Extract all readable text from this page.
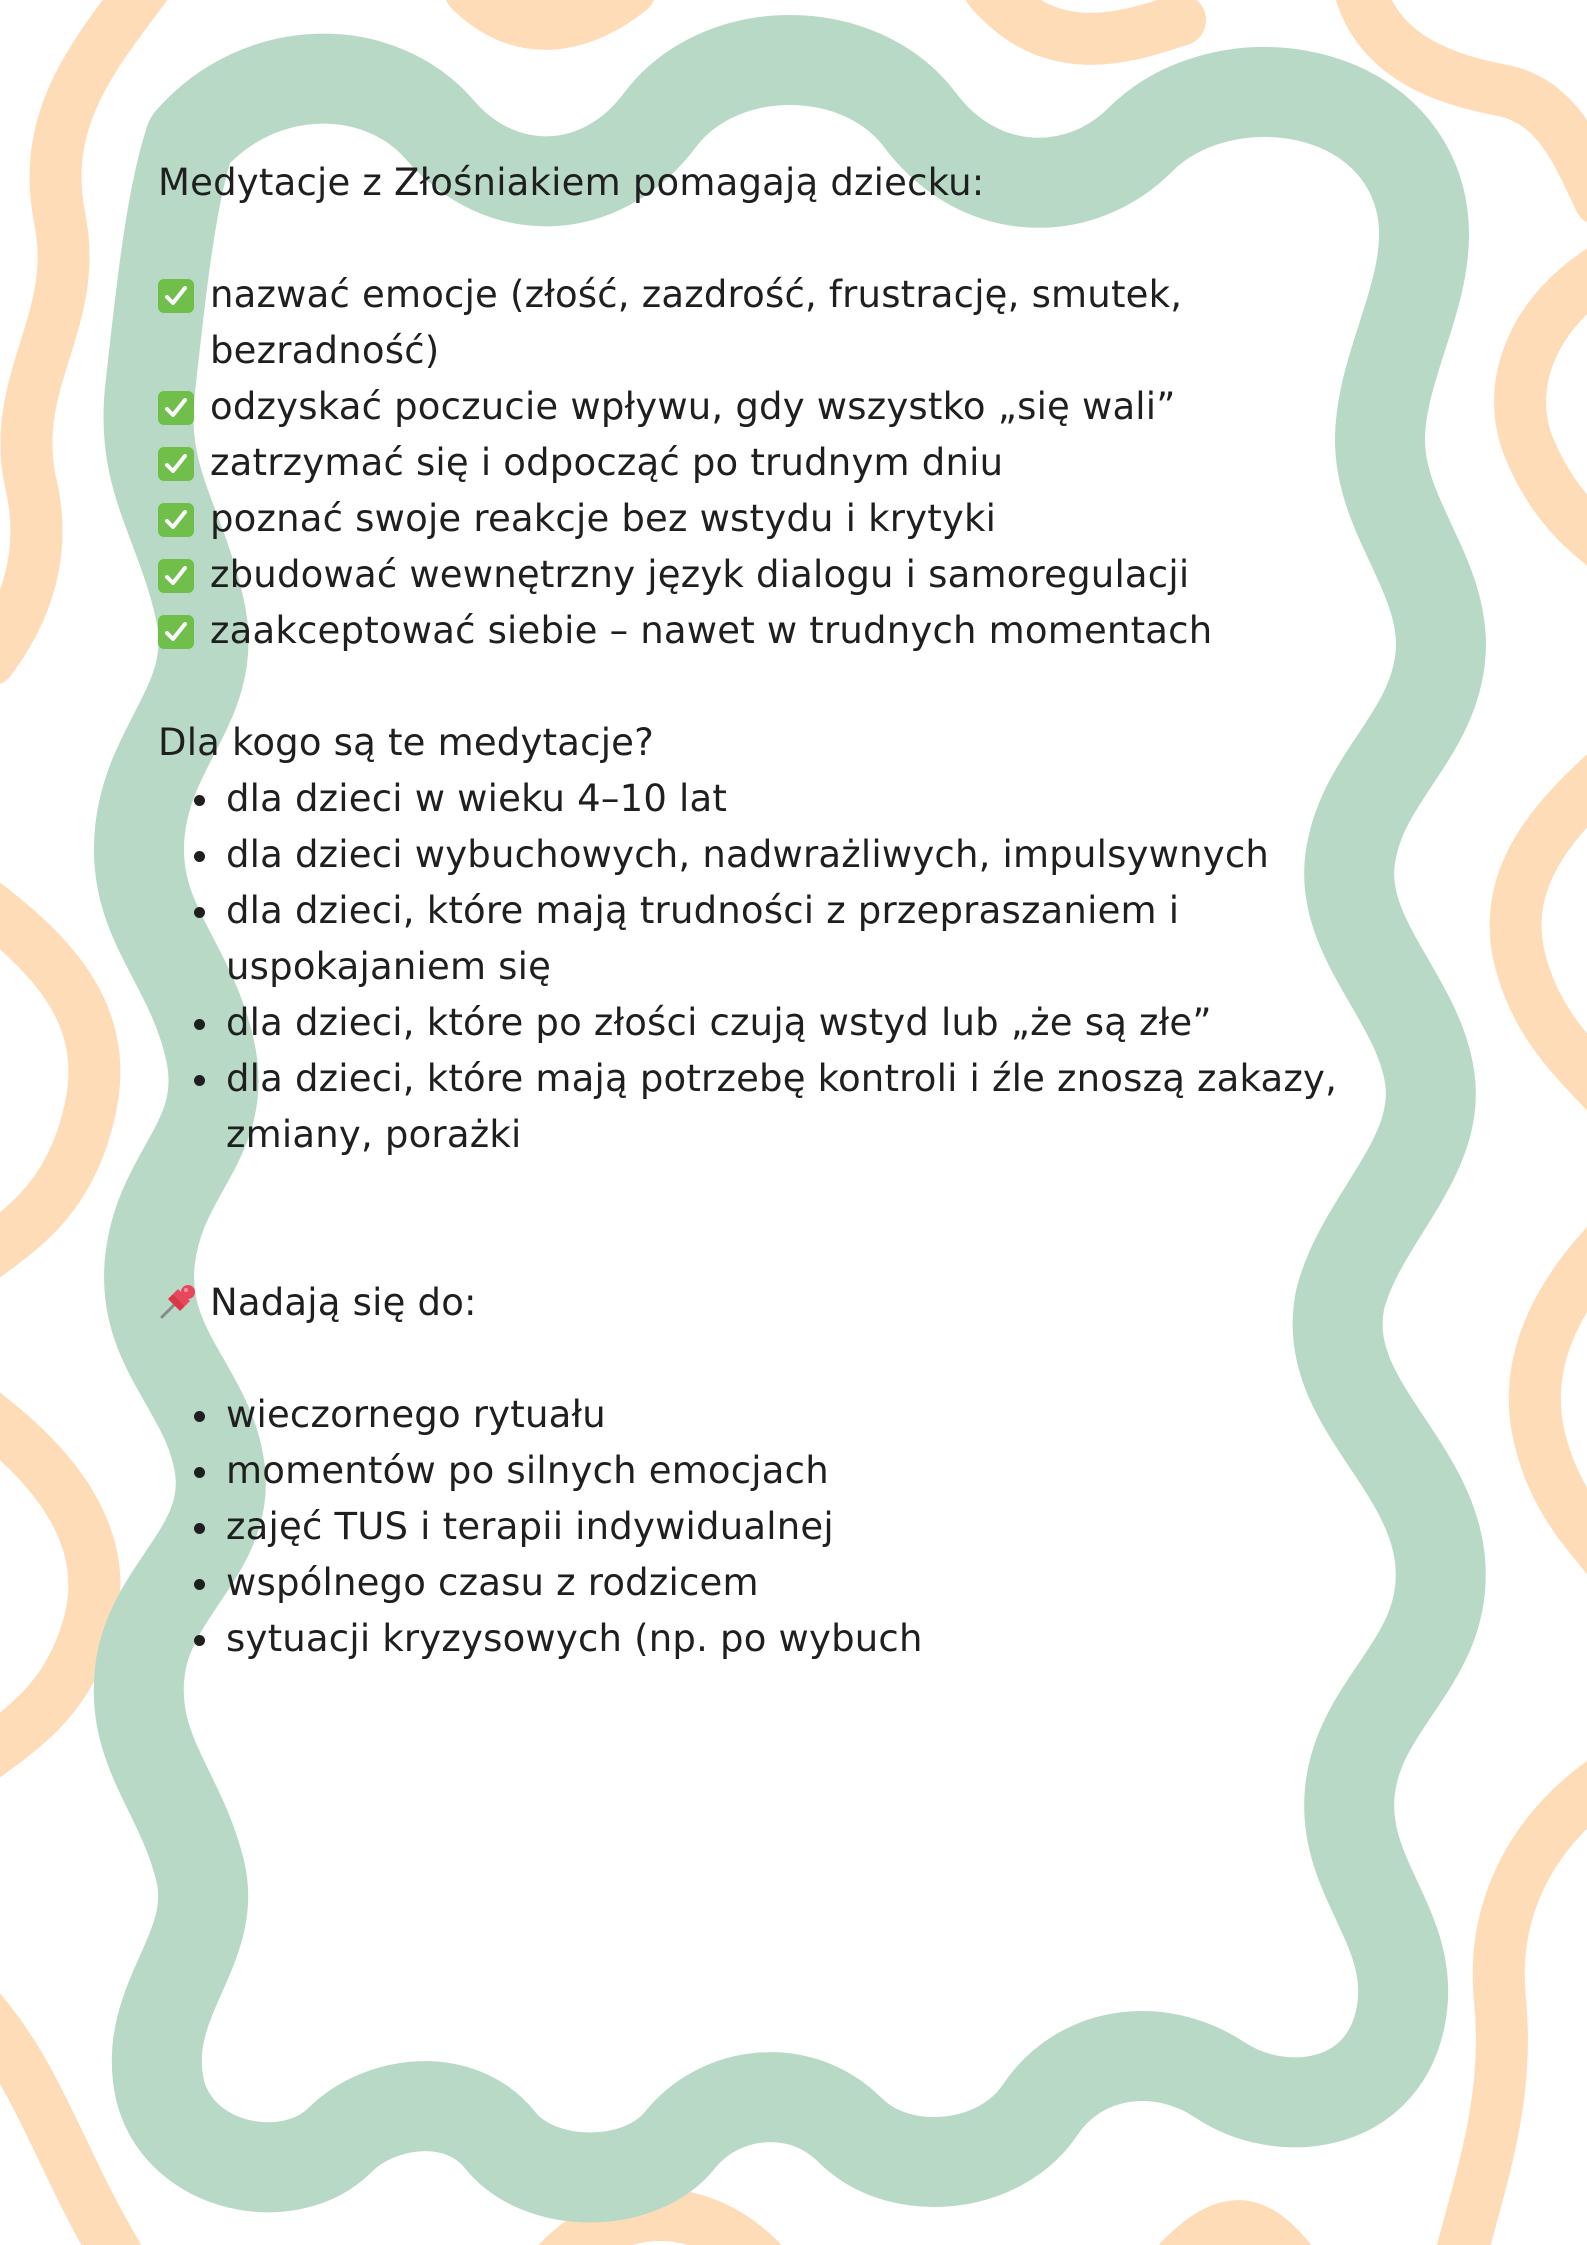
Medytacje z Złośniakiem pomagają dziecku:

nazwać emocje (złość, zazdrość, frustrację, smutek, bezradność)
odzyskać poczucie wpływu, gdy wszystko „się wali”
zatrzymać się i odpocząć po trudnym dniu
poznać swoje reakcje bez wstydu i krytyki
zbudować wewnętrzny język dialogu i samoregulacji
zaakceptować siebie – nawet w trudnych momentach

Dla kogo są te medytacje?

dla dzieci w wieku 4–10 lat
dla dzieci wybuchowych, nadwrażliwych, impulsywnych
dla dzieci, które mają trudności z przepraszaniem i uspokajaniem się
dla dzieci, które po złości czują wstyd lub „że są złe”
dla dzieci, które mają potrzebę kontroli i źle znoszą zakazy, zmiany, porażki

Nadają się do:

wieczornego rytuału
momentów po silnych emocjach
zajęć TUS i terapii indywidualnej
wspólnego czasu z rodzicem
sytuacji kryzysowych (np. po wybuch
